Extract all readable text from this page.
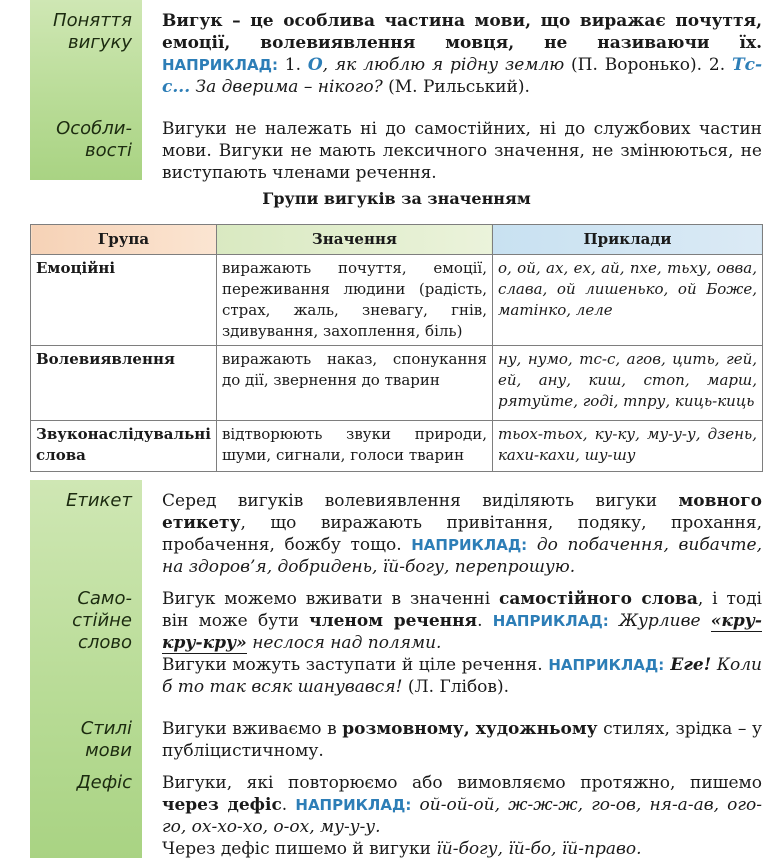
Поняття
вигуку
Особли-
вості
Вигук – це особлива частина мови, що виражає почуття, емоції, волевиявлення мовця, не називаючи їх. НАПРИКЛАД: 1. О, як люблю я рідну землю (П. Воронько). 2. Тс-с... За дверима – нікого? (М. Рильський).
Вигуки не належать ні до самостійних, ні до службових частин мови. Вигуки не мають лексичного значення, не змінюються, не виступають членами речення.
Групи вигуків за значенням
Група	Значення	Приклади
Емоційні	виражають почуття, емоції, переживання людини (радість, страх, жаль, зневагу, гнів, здивування, захоплення, біль)	о, ой, ах, ех, ай, пхе, тьху, овва, слава, ой лишенько, ой Боже, матінко, леле
Волевиявлення	виражають наказ, спонукання до дії, звернення до тварин	ну, нумо, тс-с, агов, цить, гей, ей, ану, киш, стоп, марш, рятуйте, годі, тпру, киць-киць
Звуконаслідувальні слова	відтворюють звуки природи, шуми, сигнали, голоси тварин	тьох-тьох, ку-ку, му-у-у, дзень, кахи-кахи, шу-шу
Етикет
Само-
стійне
слово
Стилі
мови
Дефіс
Серед вигуків волевиявлення виділяють вигуки мовного етикету, що виражають привітання, подяку, прохання, пробачення, божбу тощо. НАПРИКЛАД: до побачення, вибачте, на здоров’я, добридень, їй-богу, перепрошую.
Вигук можемо вживати в значенні самостійного слова, і тоді він може бути членом речення. НАПРИКЛАД: Журливе «кру-кру-кру» неслося над полями.
Вигуки можуть заступати й ціле речення. НАПРИКЛАД: Еге! Коли б то так всяк шанувався! (Л. Глібов).
Вигуки вживаємо в розмовному, художньому стилях, зрідка – у публіцистичному.
Вигуки, які повторюємо або вимовляємо протяжно, пишемо через дефіс. НАПРИКЛАД: ой-ой-ой, ж-ж-ж, го-ов, ня-а-ав, ого-го, ох-хо-хо, о-ох, му-у-у.
Через дефіс пишемо й вигуки їй-богу, їй-бо, їй-право.
